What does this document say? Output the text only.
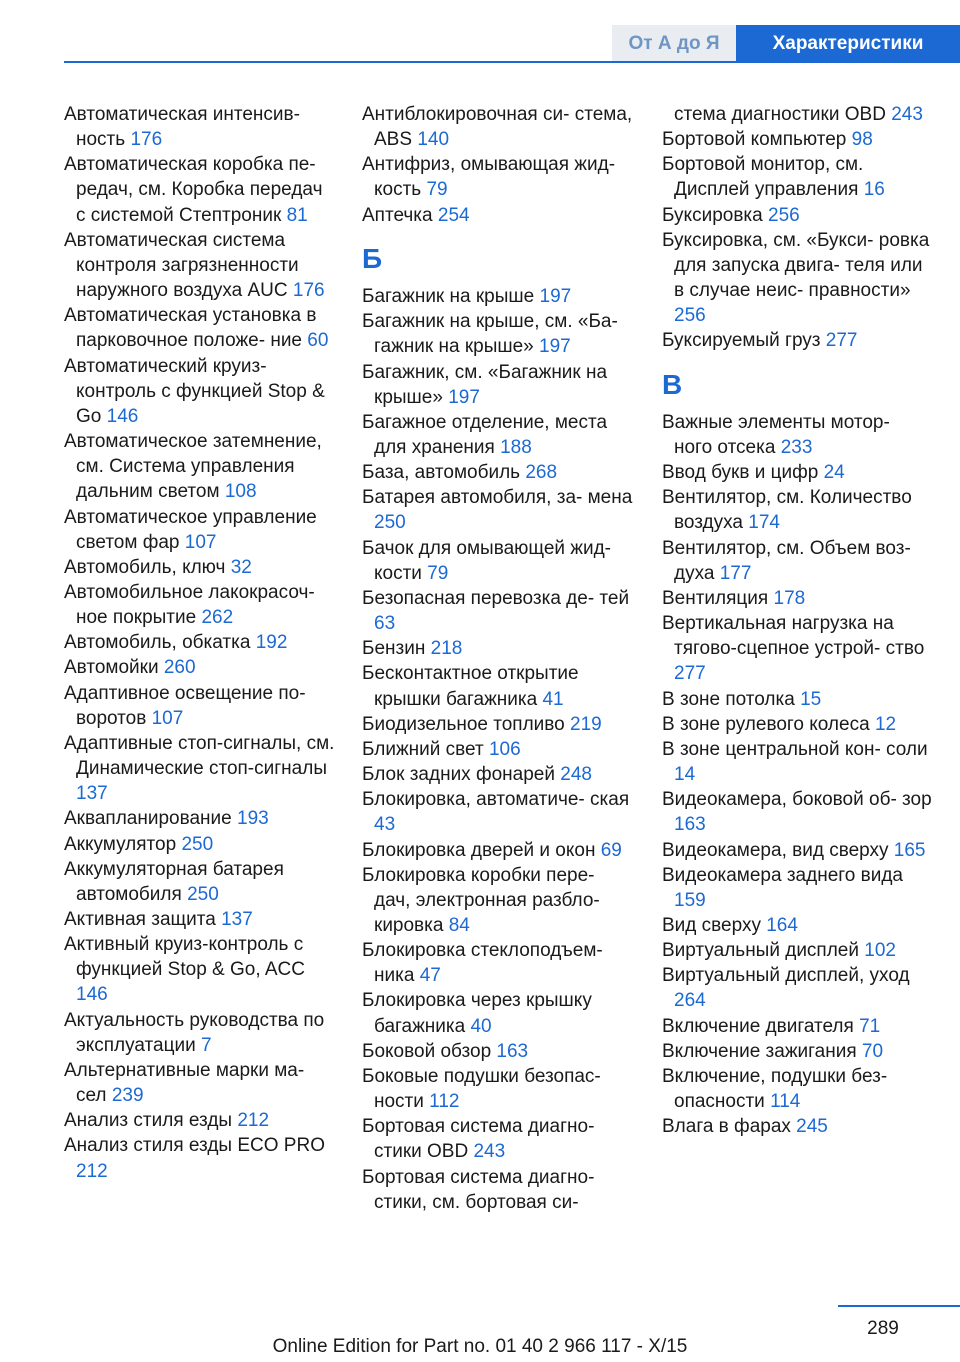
От А до Я	Характеристики

Автоматическая интенсив‐ ность 176

Автоматическая коробка пе‐ редач, см. Коробка передач с системой Стептроник 81

Автоматическая система контроля загрязненности наружного воздуха AUC 176

Автоматическая установка в парковочное положе‐ ние 60

Автоматический круиз-контроль с функцией Stop & Go 146

Автоматическое затемнение, см. Система управления дальним светом 108

Автоматическое управление светом фар 107

Автомобиль, ключ 32

Автомобильное лакокрасоч‐ ное покрытие 262

Автомобиль, обкатка 192

Автомойки 260

Адаптивное освещение по‐ воротов 107

Адаптивные стоп-сигналы, см. Динамические стоп-сигналы 137

Аквапланирование 193

Аккумулятор 250

Аккумуляторная батарея автомобиля 250

Активная защита 137

Активный круиз-контроль с функцией Stop & Go, ACC 146

Актуальность руководства по эксплуатации 7

Альтернативные марки ма‐ сел 239

Анализ стиля езды 212

Анализ стиля езды ECO PRO 212

Антиблокировочная си‐ стема, ABS 140

Антифриз, омывающая жид‐ кость 79

Аптечка 254

Б

Багажник на крыше 197

Багажник на крыше, см. «Ба‐ гажник на крыше» 197

Багажник, см. «Багажник на крыше» 197

Багажное отделение, места для хранения 188

База, автомобиль 268

Батарея автомобиля, за‐ мена 250

Бачок для омывающей жид‐ кости 79

Безопасная перевозка де‐ тей 63

Бензин 218

Бесконтактное открытие крышки багажника 41

Биодизельное топливо 219

Ближний свет 106

Блок задних фонарей 248

Блокировка, автоматиче‐ ская 43

Блокировка дверей и окон 69

Блокировка коробки пере‐ дач, электронная разбло‐ кировка 84

Блокировка стеклоподъем‐ ника 47

Блокировка через крышку багажника 40

Боковой обзор 163

Боковые подушки безопас‐ ности 112

Бортовая система диагно‐ стики OBD 243

Бортовая система диагно‐ стики, см. бортовая си‐

стема диагностики OBD 243

Бортовой компьютер 98

Бортовой монитор, см. Дисплей управления 16

Буксировка 256

Буксировка, см. «Букси‐ ровка для запуска двига‐ теля или в случае неис‐ правности» 256

Буксируемый груз 277

В

Важные элементы мотор‐ ного отсека 233

Ввод букв и цифр 24

Вентилятор, см. Количество воздуха 174

Вентилятор, см. Объем воз‐ духа 177

Вентиляция 178

Вертикальная нагрузка на тягово-сцепное устрой‐ ство 277

В зоне потолка 15

В зоне рулевого колеса 12

В зоне центральной кон‐ соли 14

Видеокамера, боковой об‐ зор 163

Видеокамера, вид сверху 165

Видеокамера заднего вида 159

Вид сверху 164

Виртуальный дисплей 102

Виртуальный дисплей, уход 264

Включение двигателя 71

Включение зажигания 70

Включение, подушки без‐ опасности 114

Влага в фарах 245

289
Online Edition for Part no. 01 40 2 966 117 - X/15
